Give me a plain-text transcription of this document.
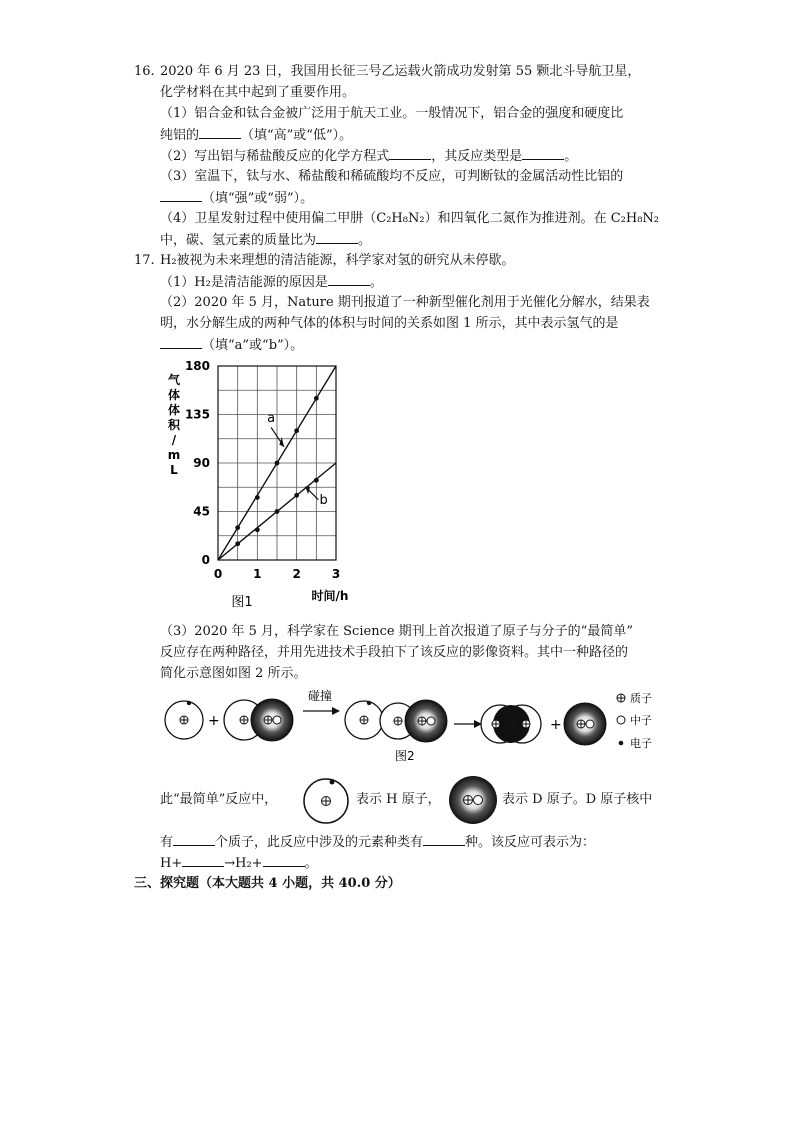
16. 2020 年 6 月 23 日，我国用长征三号乙运载火箭成功发射第 55 颗北斗导航卫星，
化学材料在其中起到了重要作用。
（1）铝合金和钛合金被广泛用于航天工业。一般情况下，铝合金的强度和硬度比
纯铝的	（填“高”或“低”）。
（2）写出铝与稀盐酸反应的化学方程式	，其反应类型是	。
（3）室温下，钛与水、稀盐酸和稀硫酸均不反应，可判断钛的金属活动性比铝的
（填“强”或“弱”）。
（4）卫星发射过程中使用偏二甲肼（C₂H₈N₂）和四氧化二氮作为推进剂。在 C₂H₈N₂
中，碳、氢元素的质量比为	。
17. H₂被视为未来理想的清洁能源，科学家对氢的研究从未停歇。
（1）H₂是清洁能源的原因是	。
（2）2020 年 5 月，Nature 期刊报道了一种新型催化剂用于光催化分解水，结果表
明，水分解生成的两种气体的体积与时间的关系如图 1 所示，其中表示氢气的是
（填“a”或“b”）。
0
45
90
135
180
0	1	2	3
气
体
体
积
/
m
L
时间/h
图1
a
b
（3）2020 年 5 月，科学家在 Science 期刊上首次报道了原子与分子的“最简单”
反应存在两种路径，并用先进技术手段拍下了该反应的影像资料。其中一种路径的
简化示意图如图 2 所示。
+
碰撞
+
质子
中子
电子
图2
此“最简单”反应中，	表示 H 原子，	表示 D 原子。D 原子核中
有	个质子，此反应中涉及的元素种类有	种。该反应可表示为：
H+	→H₂+	。
三、探究题（本大题共 4 小题，共 40.0 分）
